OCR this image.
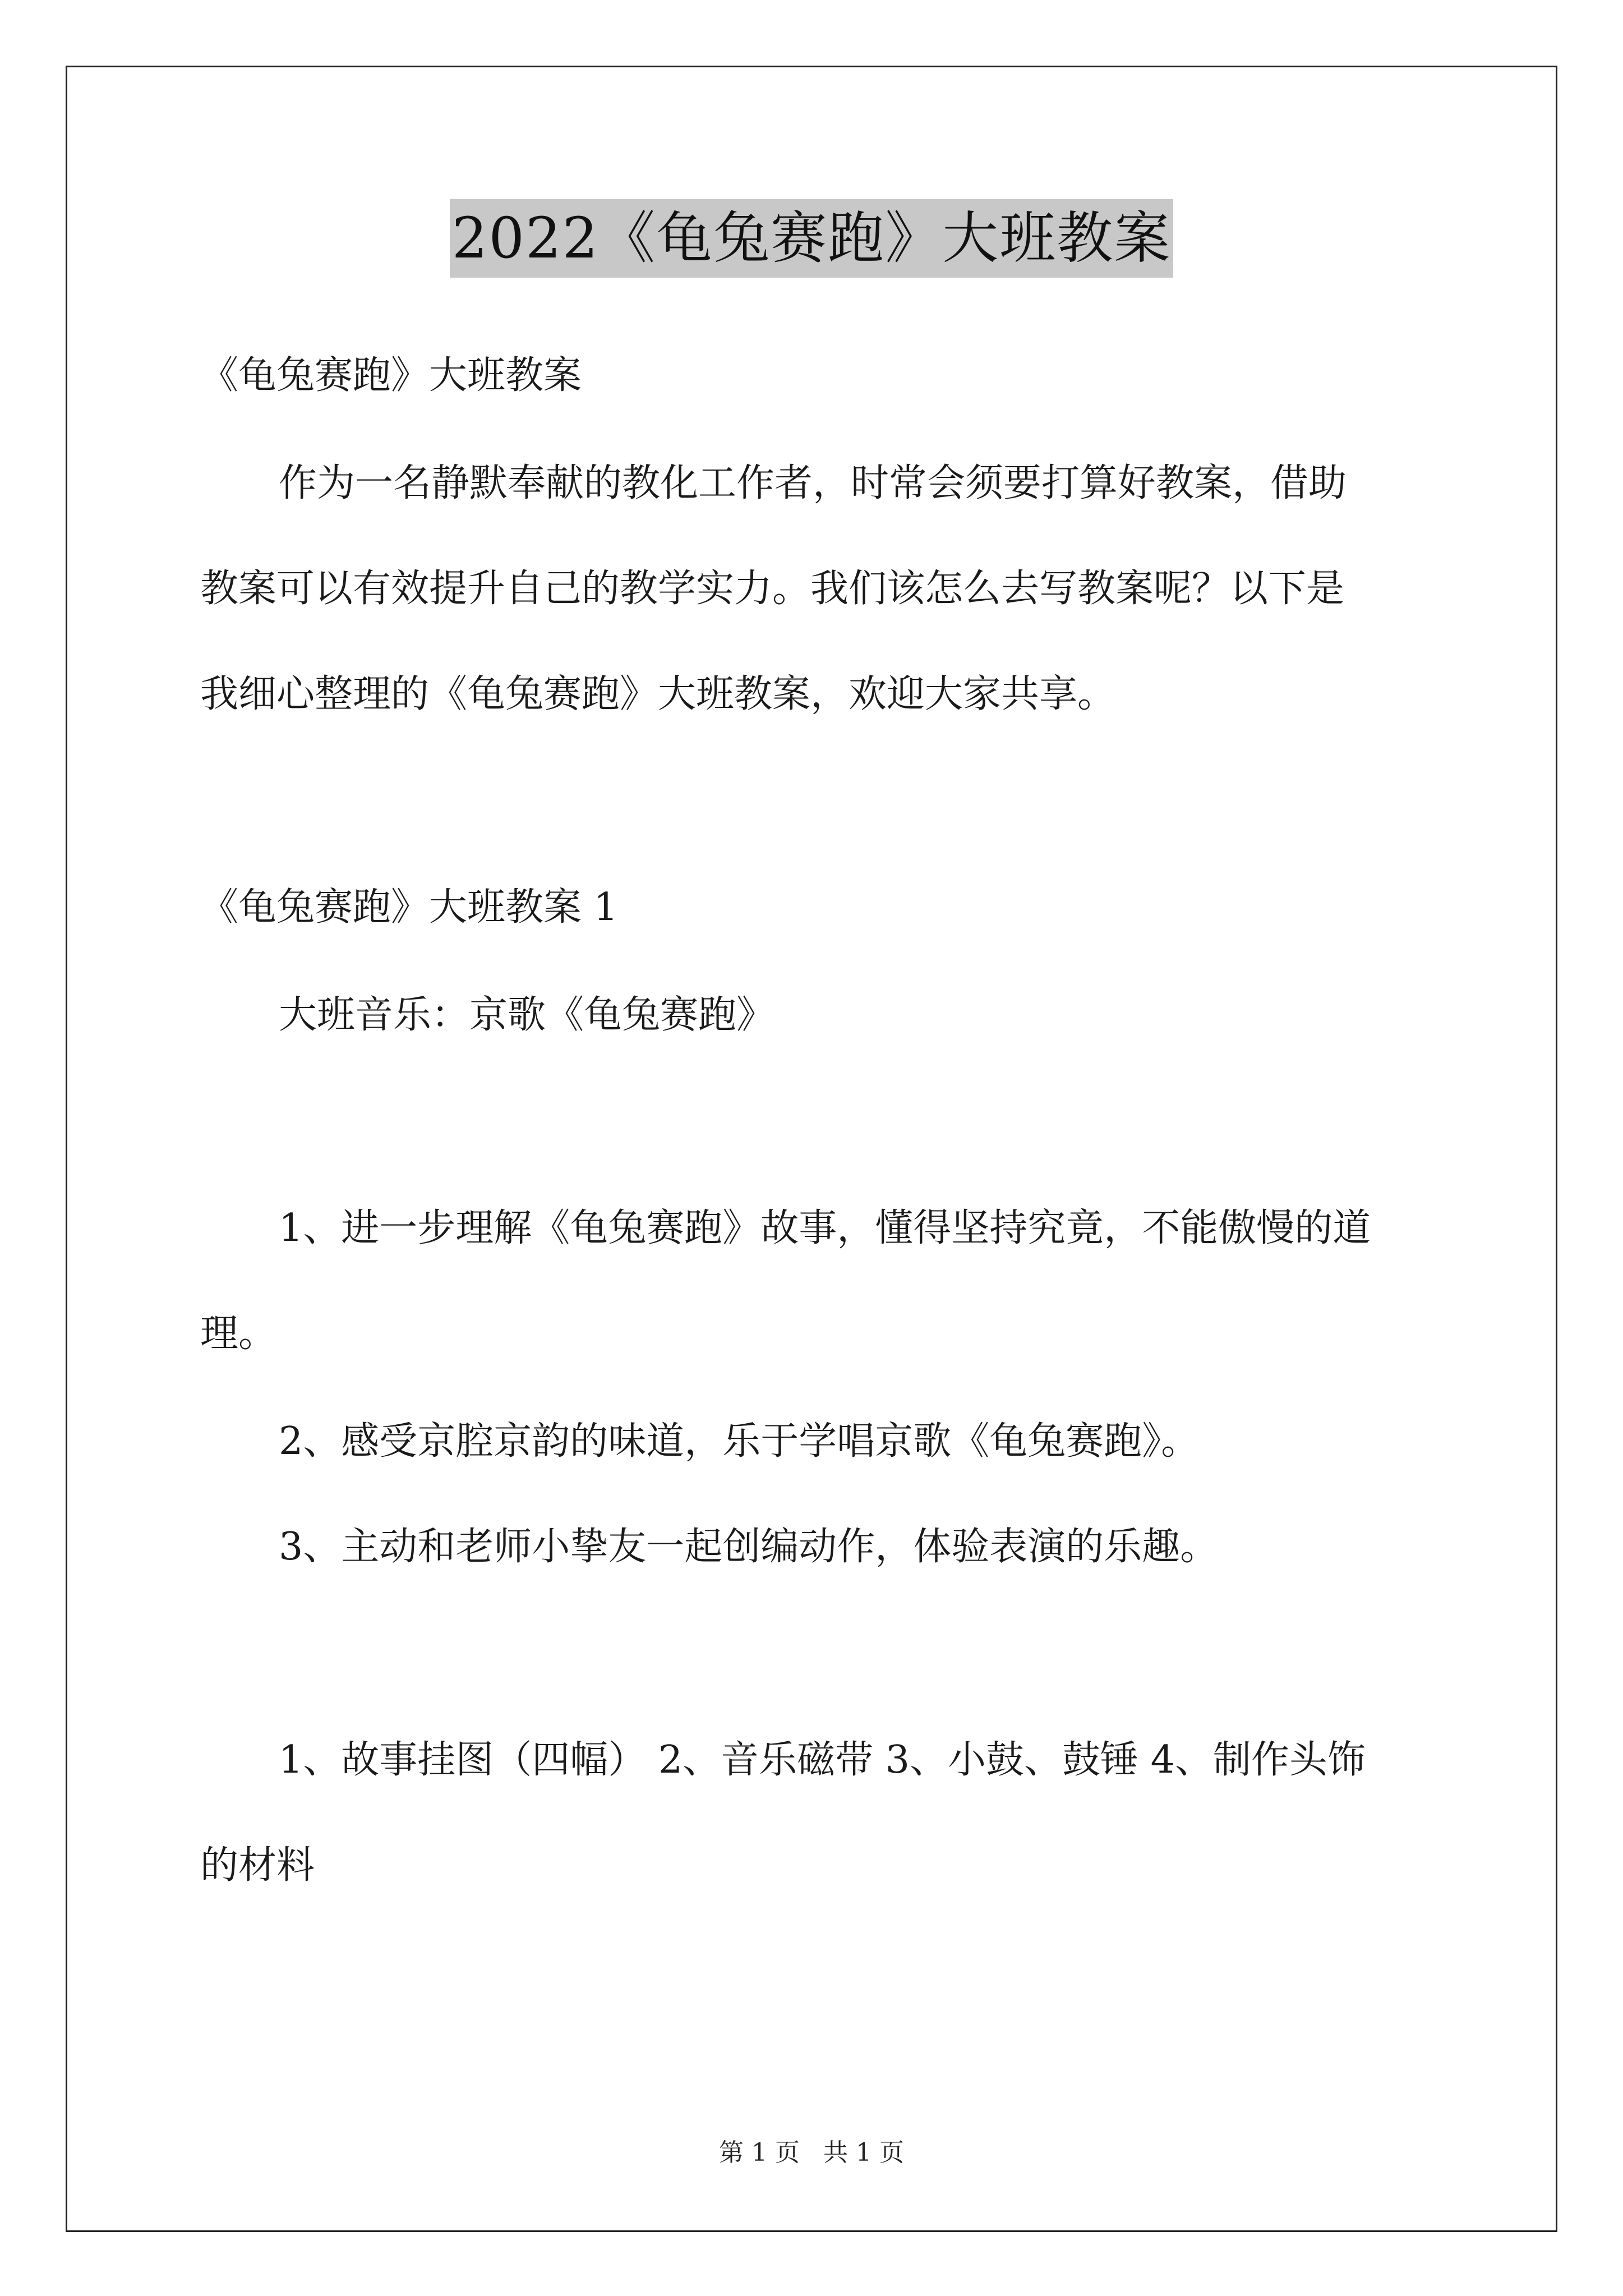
2022《龟兔赛跑》大班教案
《龟兔赛跑》大班教案
作为一名静默奉献的教化工作者，时常会须要打算好教案，借助
教案可以有效提升自己的教学实力。我们该怎么去写教案呢？以下是
我细心整理的《龟兔赛跑》大班教案，欢迎大家共享。
《龟兔赛跑》大班教案 1
大班音乐：京歌《龟兔赛跑》
1、进一步理解《龟兔赛跑》故事，懂得坚持究竟，不能傲慢的道
理。
2、感受京腔京韵的味道，乐于学唱京歌《龟兔赛跑》。
3、主动和老师小挚友一起创编动作，体验表演的乐趣。
1、故事挂图（四幅） 2、音乐磁带 3、小鼓、鼓锤 4、制作头饰
的材料
第 1 页 共 1 页
